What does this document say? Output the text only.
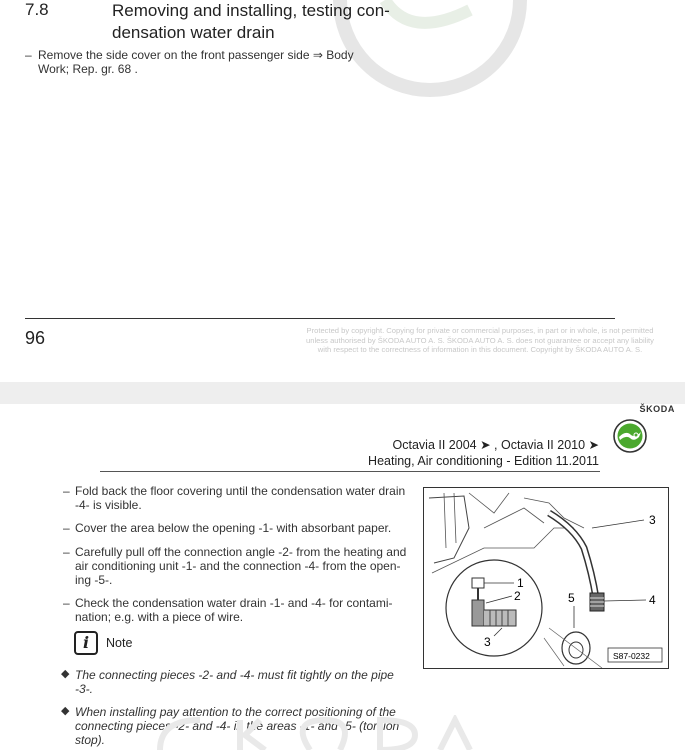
7.8	Removing and installing, testing con-densation water drain
– Remove the side cover on the front passenger side ⇒ Body
Work; Rep. gr. 68 .
Protected by copyright. Copying for private or commercial purposes, in part or in whole, is not permitted
unless authorised by ŠKODA AUTO A. S. ŠKODA AUTO A. S. does not guarantee or accept any liability
with respect to the correctness of information in this document. Copyright by ŠKODA AUTO A. S.
96
ŠKODA
Octavia II 2004 ➤ , Octavia II 2010 ➤
Heating, Air conditioning - Edition 11.2011
– Fold back the floor covering until the condensation water drain
-4- is visible.
– Cover the area below the opening -1- with absorbant paper.
– Carefully pull off the connection angle -2- from the heating and
air conditioning unit -1- and the connection -4- from the open-
ing -5-.
– Check the condensation water drain -1- and -4- for contami-
nation; e.g. with a piece of wire.
i	Note
◆ The connecting pieces -2- and -4- must fit tightly on the pipe
-3-.
◆ When installing pay attention to the correct positioning of the
connecting pieces -2- and -4- in the areas -1- and -5- (torsion
stop).
1
2
3
3
4
5
S87-0232
